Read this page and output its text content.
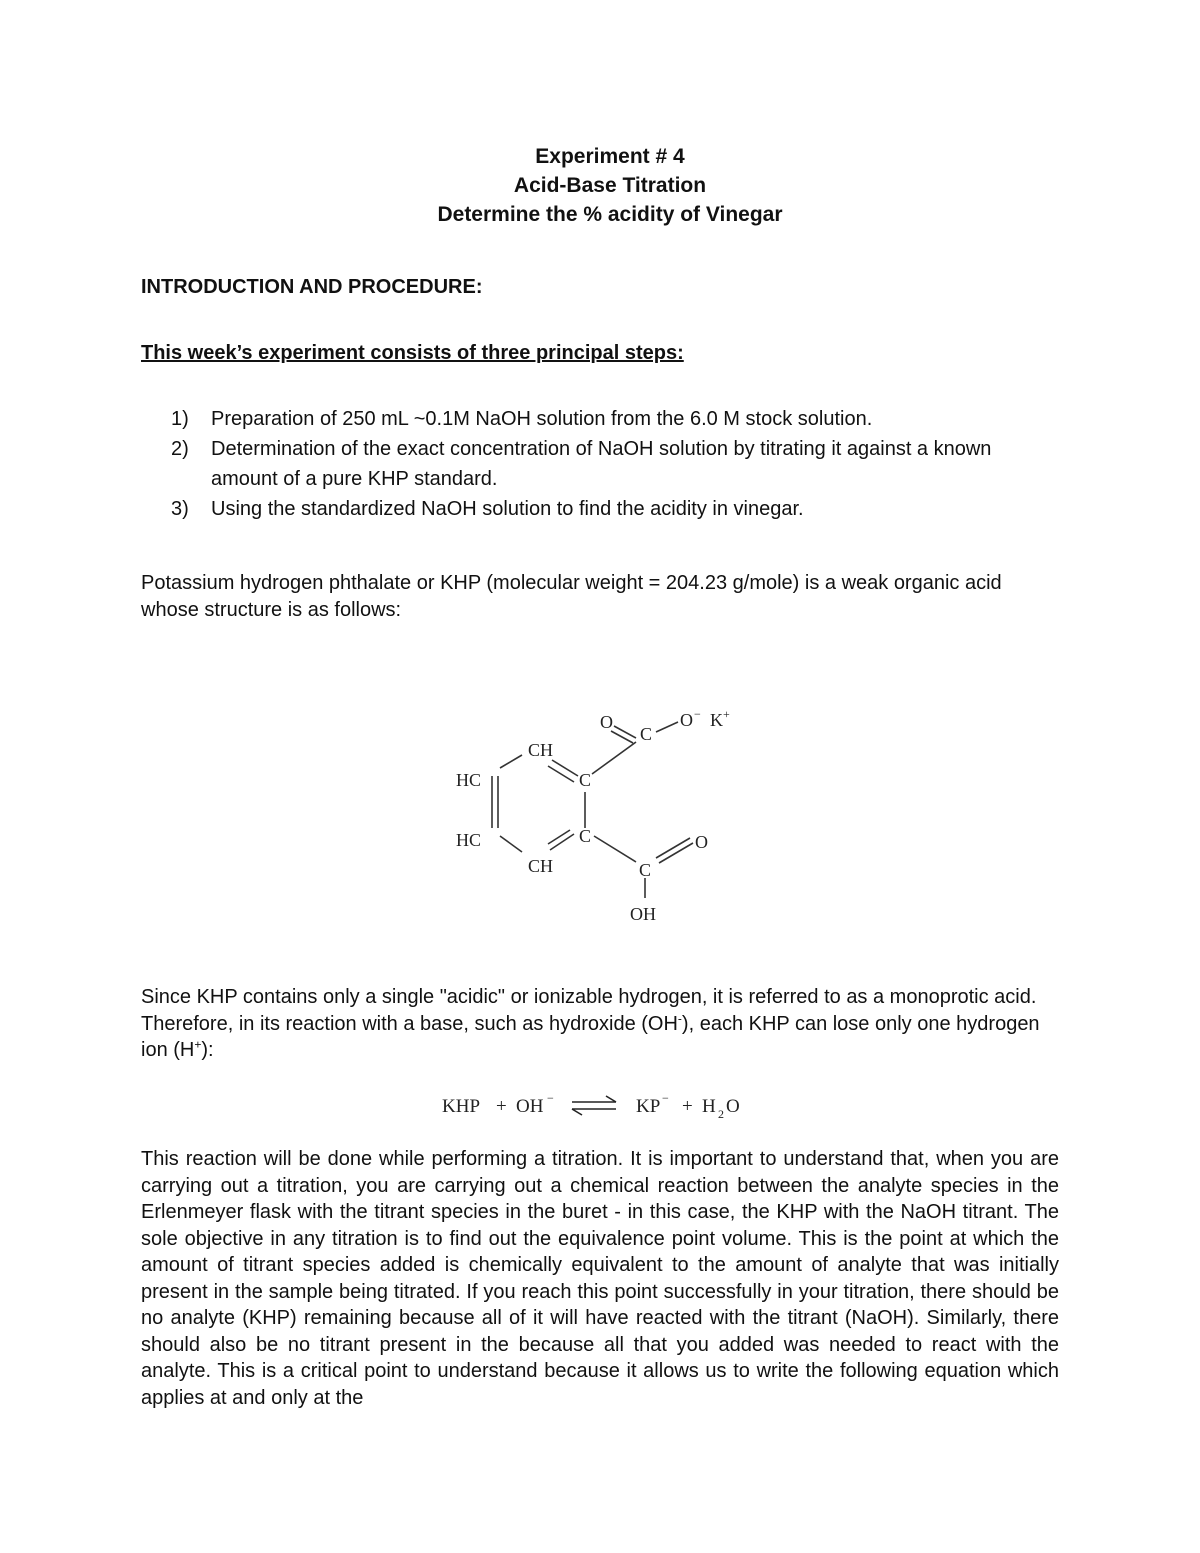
Experiment # 4
Acid-Base Titration
Determine the % acidity of Vinegar
INTRODUCTION AND PROCEDURE:
This week’s experiment consists of three principal steps:
1) Preparation of 250 mL ~0.1M NaOH solution from the 6.0 M stock solution.
2) Determination of the exact concentration of NaOH solution by titrating it against a known amount of a pure KHP standard.
3) Using the standardized NaOH solution to find the acidity in vinegar.

Potassium hydrogen phthalate or KHP (molecular weight = 204.23 g/mole) is a weak organic acid whose structure is as follows:

HC
HC
CH
CH
C
C
C
C
O	O − K +
O
OH

Since KHP contains only a single "acidic" or ionizable hydrogen, it is referred to as a monoprotic acid. Therefore, in its reaction with a base, such as hydroxide (OH-), each KHP can lose only one hydrogen ion (H+):

KHP + OH −	KP − + H 2 O

This reaction will be done while performing a titration. It is important to understand that, when you are carrying out a titration, you are carrying out a chemical reaction between the analyte species in the Erlenmeyer flask with the titrant species in the buret - in this case, the KHP with the NaOH titrant. The sole objective in any titration is to find out the equivalence point volume. This is the point at which the amount of titrant species added is chemically equivalent to the amount of analyte that was initially present in the sample being titrated. If you reach this point successfully in your titration, there should be no analyte (KHP) remaining because all of it will have reacted with the titrant (NaOH). Similarly, there should also be no titrant present in the because all that you added was needed to react with the analyte. This is a critical point to understand because it allows us to write the following equation which applies at and only at the
